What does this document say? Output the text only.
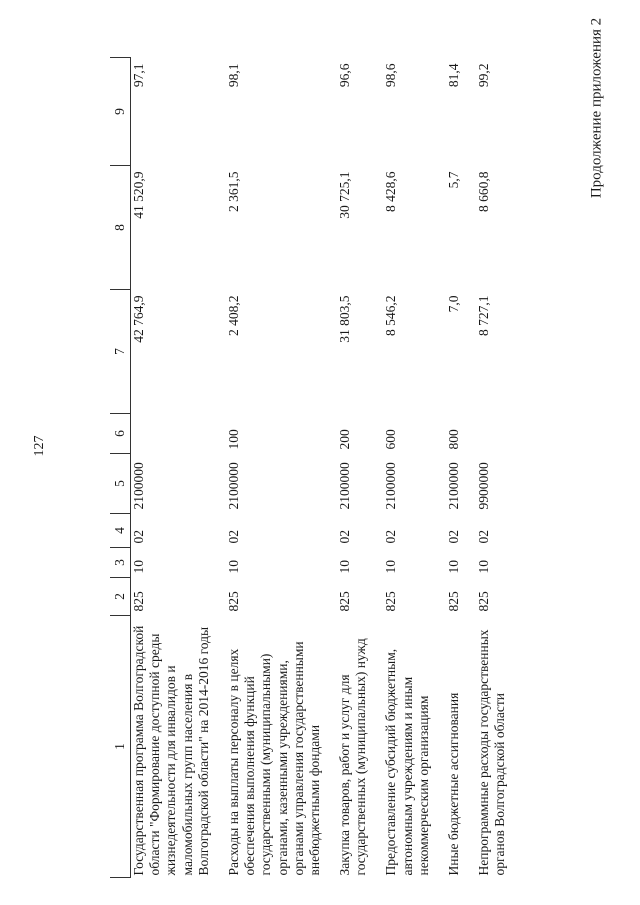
127
Продолжение приложения 2
1	2	3	4	5	6	7	8	9
Государственная программа Волгоградской области "Формирование доступной среды жизнедеятельности для инвалидов и маломобильных групп населения в Волгоградской области" на 2014-2016 годы	825	10	02	2100000		42 764,9	41 520,9	97,1
Расходы на выплаты персоналу в целях обеспечения выполнения функций государственными (муниципальными) органами, казенными учреждениями, органами управления государственными внебюджетными фондами	825	10	02	2100000	100	2 408,2	2 361,5	98,1
Закупка товаров, работ и услуг для государственных (муниципальных) нужд	825	10	02	2100000	200	31 803,5	30 725,1	96,6
Предоставление субсидий бюджетным, автономным учреждениям и иным некоммерческим организациям	825	10	02	2100000	600	8 546,2	8 428,6	98,6
Иные бюджетные ассигнования	825	10	02	2100000	800	7,0	5,7	81,4
Непрограммные расходы государственных органов Волгоградской области	825	10	02	9900000		8 727,1	8 660,8	99,2
